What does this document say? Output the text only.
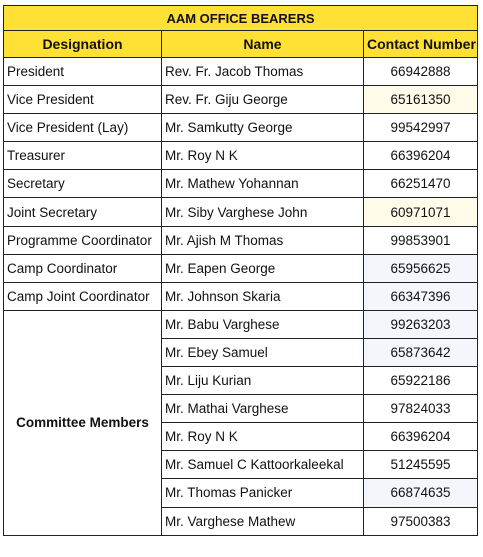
AAM OFFICE BEARERS		
Designation	Name	Contact Number
President	Rev. Fr. Jacob Thomas	66942888
Vice President	Rev. Fr. Giju George	65161350
Vice President (Lay)	Mr. Samkutty George	99542997
Treasurer	Mr. Roy N K	66396204
Secretary	Mr. Mathew Yohannan	66251470
Joint Secretary	Mr. Siby Varghese John	60971071
Programme Coordinator	Mr. Ajish M Thomas	99853901
Camp Coordinator	Mr. Eapen George	65956625
Camp Joint Coordinator	Mr. Johnson Skaria	66347396
Committee Members	Mr. Babu Varghese	99263203
	Mr. Ebey Samuel	65873642
	Mr. Liju Kurian	65922186
	Mr. Mathai Varghese	97824033
	Mr. Roy N K	66396204
	Mr. Samuel C Kattoorkaleekal	51245595
	Mr. Thomas Panicker	66874635
	Mr. Varghese Mathew	97500383
